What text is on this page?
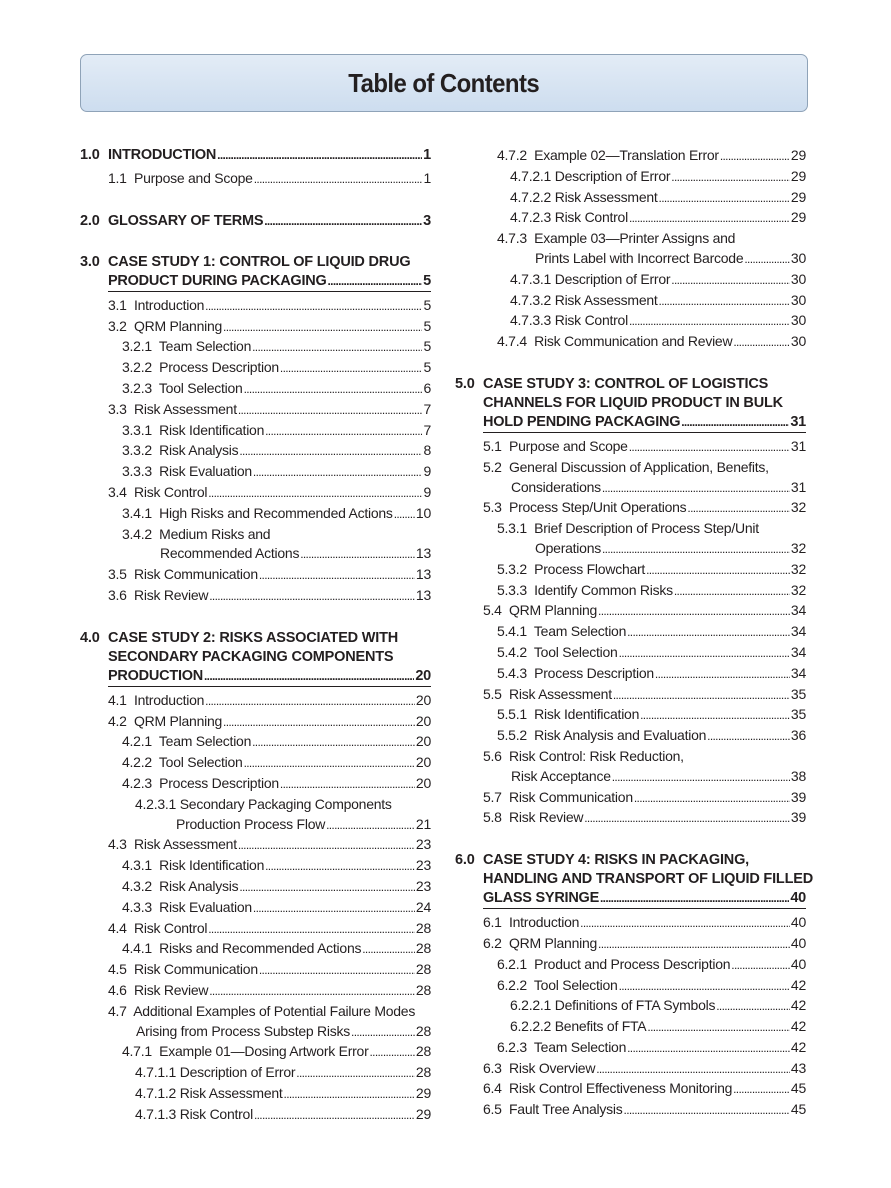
Table of Contents
1.0 INTRODUCTION . . .	1
1.1  Purpose and Scope . . .	1
2.0 GLOSSARY OF TERMS . . .	3
3.0 CASE STUDY 1: CONTROL OF LIQUID DRUG
PRODUCT DURING PACKAGING . . .	5
3.1  Introduction . . .	5
3.2  QRM Planning . . .	5
3.2.1  Team Selection . . .	5
3.2.2  Process Description . . .	5
3.2.3  Tool Selection . . .	6
3.3  Risk Assessment . . .	7
3.3.1  Risk Identification . . .	7
3.3.2  Risk Analysis . . .	8
3.3.3  Risk Evaluation . . .	9
3.4  Risk Control . . .	9
3.4.1  High Risks and Recommended Actions . . . 10
3.4.2  Medium Risks and
Recommended Actions . . .	13
3.5  Risk Communication . . .	13
3.6  Risk Review . . .	13
4.0 CASE STUDY 2: RISKS ASSOCIATED WITH
SECONDARY PACKAGING COMPONENTS
PRODUCTION . . .	20
4.1  Introduction . . .	20
4.2  QRM Planning . . .	20
4.2.1  Team Selection . . .	20
4.2.2  Tool Selection . . .	20
4.2.3  Process Description . . .	20
4.2.3.1 Secondary Packaging Components
Production Process Flow . . .	21
4.3  Risk Assessment . . .	23
4.3.1  Risk Identification . . .	23
4.3.2  Risk Analysis . . .	23
4.3.3  Risk Evaluation . . .	24
4.4  Risk Control . . .	28
4.4.1  Risks and Recommended Actions . . .	28
4.5  Risk Communication . . .	28
4.6  Risk Review . . .	28
4.7  Additional Examples of Potential Failure Modes
Arising from Process Substep Risks . . .	28
4.7.1  Example 01—Dosing Artwork Error . . .	28
4.7.1.1 Description of Error . . .	28
4.7.1.2 Risk Assessment . . .	29
4.7.1.3 Risk Control . . .	29
4.7.2  Example 02—Translation Error . . .	29
4.7.2.1 Description of Error . . .	29
4.7.2.2 Risk Assessment . . .	29
4.7.2.3 Risk Control . . .	29
4.7.3  Example 03—Printer Assigns and
Prints Label with Incorrect Barcode . . .	30
4.7.3.1 Description of Error . . .	30
4.7.3.2 Risk Assessment . . .	30
4.7.3.3 Risk Control . . .	30
4.7.4  Risk Communication and Review . . .	30
5.0 CASE STUDY 3: CONTROL OF LOGISTICS
CHANNELS FOR LIQUID PRODUCT IN BULK
HOLD PENDING PACKAGING . . .	31
5.1  Purpose and Scope . . .	31
5.2  General Discussion of Application, Benefits,
Considerations . . .	31
5.3  Process Step/Unit Operations . . .	32
5.3.1  Brief Description of Process Step/Unit
Operations . . .	32
5.3.2  Process Flowchart . . .	32
5.3.3  Identify Common Risks . . .	32
5.4  QRM Planning . . .	34
5.4.1  Team Selection . . .	34
5.4.2  Tool Selection . . .	34
5.4.3  Process Description . . .	34
5.5  Risk Assessment . . .	35
5.5.1  Risk Identification . . .	35
5.5.2  Risk Analysis and Evaluation . . .	36
5.6  Risk Control: Risk Reduction,
Risk Acceptance . . .	38
5.7  Risk Communication . . .	39
5.8  Risk Review . . .	39
6.0 CASE STUDY 4: RISKS IN PACKAGING,
HANDLING AND TRANSPORT OF LIQUID FILLED
GLASS SYRINGE . . .	40
6.1  Introduction . . .	40
6.2  QRM Planning . . .	40
6.2.1  Product and Process Description . . .	40
6.2.2  Tool Selection . . .	42
6.2.2.1 Definitions of FTA Symbols . . .	42
6.2.2.2 Benefits of FTA . . .	42
6.2.3  Team Selection . . .	42
6.3  Risk Overview . . .	43
6.4  Risk Control Effectiveness Monitoring . . .	45
6.5  Fault Tree Analysis . . .	45
